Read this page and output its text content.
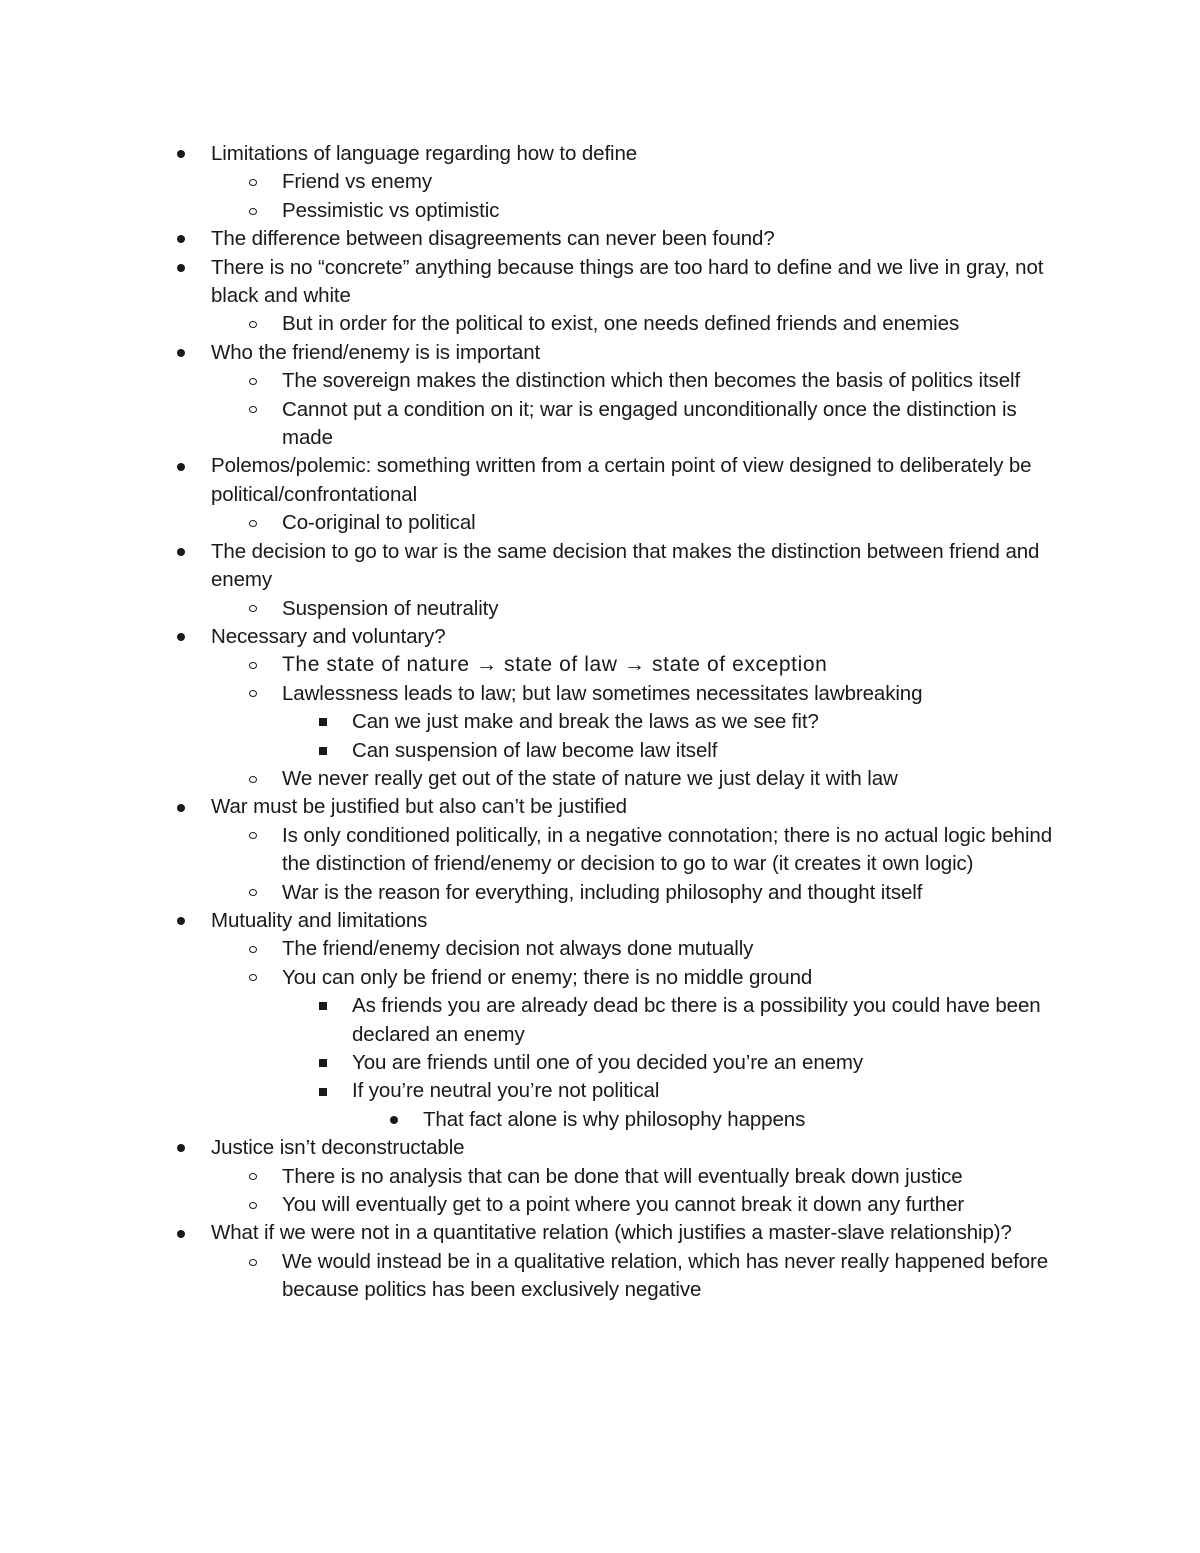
Limitations of language regarding how to define
Friend vs enemy
Pessimistic vs optimistic
The difference between disagreements can never been found?
There is no “concrete” anything because things are too hard to define and we live in gray, not black and white
But in order for the political to exist, one needs defined friends and enemies
Who the friend/enemy is is important
The sovereign makes the distinction which then becomes the basis of politics itself
Cannot put a condition on it; war is engaged unconditionally once the distinction is made
Polemos/polemic: something written from a certain point of view designed to deliberately be political/confrontational
Co-original to political
The decision to go to war is the same decision that makes the distinction between friend and enemy
Suspension of neutrality
Necessary and voluntary?
The state of nature → state of law → state of exception
Lawlessness leads to law; but law sometimes necessitates lawbreaking
Can we just make and break the laws as we see fit?
Can suspension of law become law itself
We never really get out of the state of nature we just delay it with law
War must be justified but also can’t be justified
Is only conditioned politically, in a negative connotation; there is no actual logic behind the distinction of friend/enemy or decision to go to war (it creates it own logic)
War is the reason for everything, including philosophy and thought itself
Mutuality and limitations
The friend/enemy decision not always done mutually
You can only be friend or enemy; there is no middle ground
As friends you are already dead bc there is a possibility you could have been declared an enemy
You are friends until one of you decided you’re an enemy
If you’re neutral you’re not political
That fact alone is why philosophy happens
Justice isn’t deconstructable
There is no analysis that can be done that will eventually break down justice
You will eventually get to a point where you cannot break it down any further
What if we were not in a quantitative relation (which justifies a master-slave relationship)?
We would instead be in a qualitative relation, which has never really happened before because politics has been exclusively negative
